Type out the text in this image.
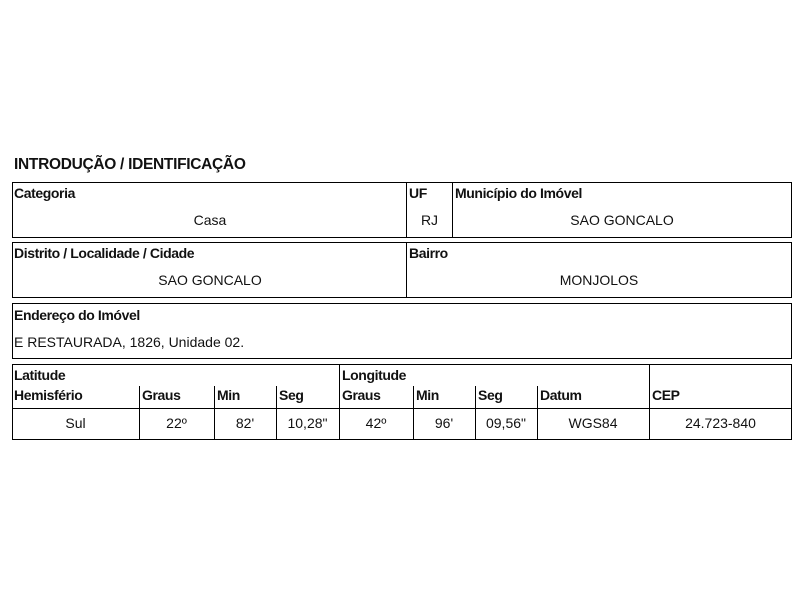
INTRODUÇÃO / IDENTIFICAÇÃO
Categoria
Casa
UF
RJ
Município do Imóvel
SAO GONCALO
Distrito / Localidade / Cidade
SAO GONCALO
Bairro
MONJOLOS
Endereço do Imóvel
E RESTAURADA, 1826, Unidade 02.
Latitude
Hemisfério	Graus	Min	Seg
Longitude
Graus	Min	Seg	Datum	CEP
Sul	22º	82'	10,28"	42º	96'	09,56"	WGS84	24.723-840
